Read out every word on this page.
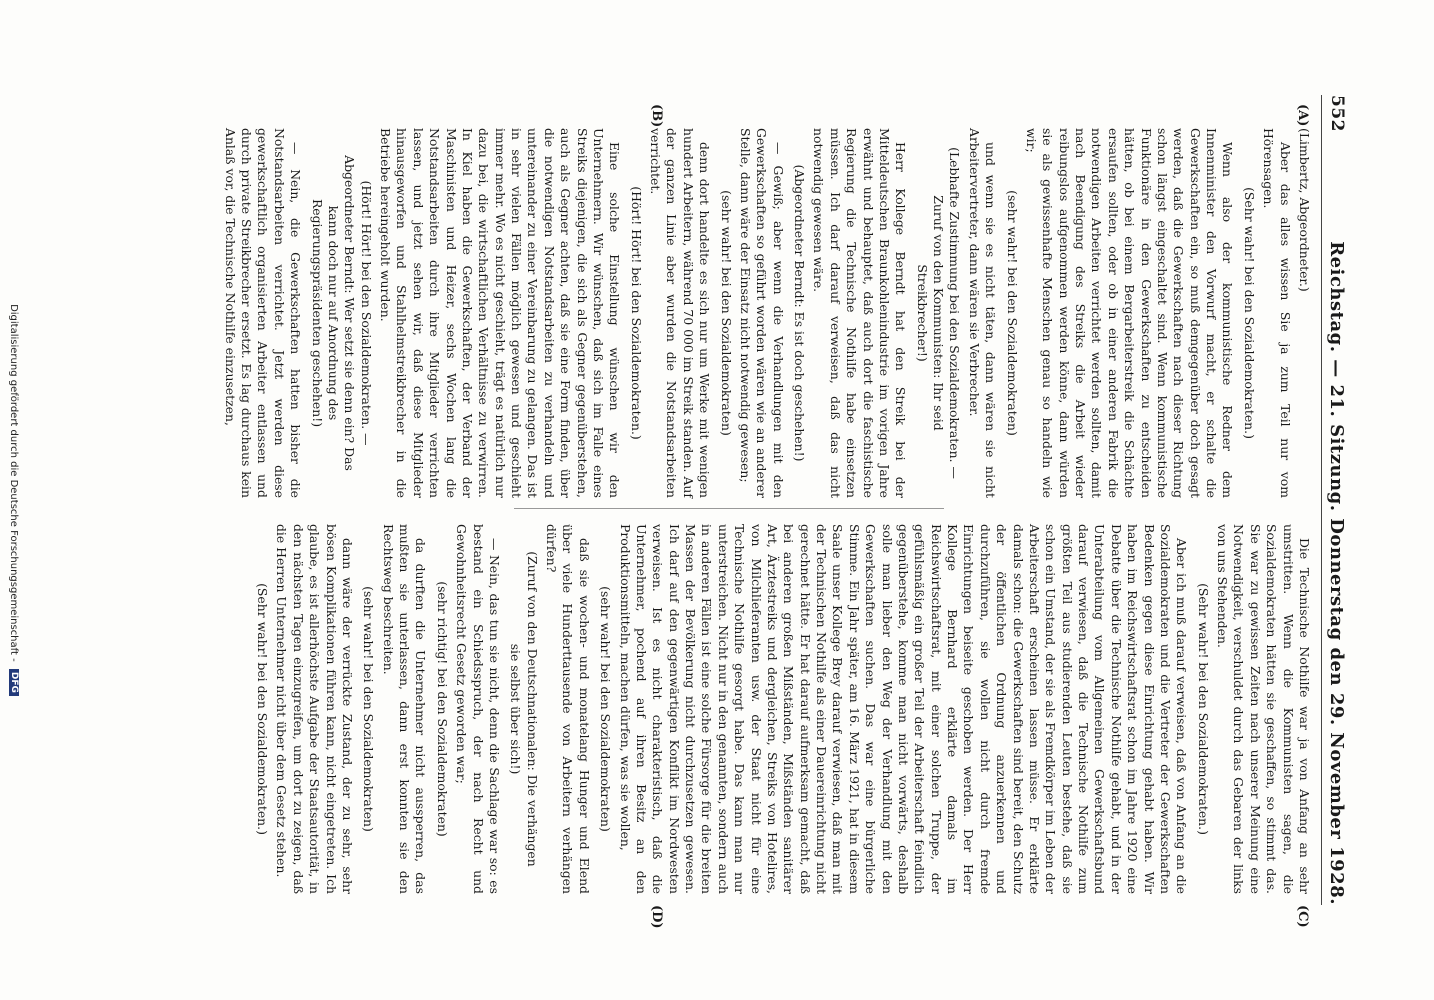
552
Reichstag. — 21. Sitzung. Donnerstag den 29. November 1928.
(A)
(B)
(C)
(D)

(Limbertz, Abgeordneter.)

Aber das alles wissen Sie ja zum Teil nur vom Hörensagen.

(Sehr wahr! bei den Sozialdemokraten.)

Wenn also der kommunistische Redner dem Innenminister den Vorwurf macht, er schalte die Gewerkschaften ein, so muß demgegenüber doch gesagt werden, daß die Gewerkschaften nach dieser Richtung schon längst eingeschaltet sind. Wenn kommunistische Funktionäre in den Gewerkschaften zu entscheiden hätten, ob bei einem Bergarbeiterstreik die Schächte ersaufen sollten, oder ob in einer anderen Fabrik die notwendigen Arbeiten verrichtet werden sollten, damit nach Beendigung des Streiks die Arbeit wieder reibungslos aufgenommen werden könne, dann würden sie als gewissenhafte Menschen genau so handeln wie wir;

(sehr wahr! bei den Sozialdemokraten)

und wenn sie es nicht täten, dann wären sie nicht Arbeitervertreter, dann wären sie Verbrecher.

(Lebhafte Zustimmung bei den Sozialdemokraten. — Zuruf von den Kommunisten: Ihr seid Streikbrecher!)

Herr Kollege Berndt hat den Streik bei der Mitteldeutschen Braunkohlenindustrie im vorigen Jahre erwähnt und behauptet, daß auch dort die faschistische Regierung die Technische Nothilfe habe einsetzen müssen. Ich darf darauf verweisen, daß das nicht notwendig gewesen wäre.

(Abgeordneter Berndt: Es ist doch geschehen!)

— Gewiß; aber wenn die Verhandlungen mit den Gewerkschaften so geführt worden wären wie an anderer Stelle, dann wäre der Einsatz nicht notwendig gewesen;

(sehr wahr! bei den Sozialdemokraten)

denn dort handelte es sich nur um Werke mit wenigen hundert Arbeitern, während 70 000 im Streik standen. Auf der ganzen Linie aber wurden die Notstandsarbeiten verrichtet.

(Hört! Hört! bei den Sozialdemokraten.)

Eine solche Einstellung wünschen wir den Unternehmern. Wir wünschen, daß sich im Falle eines Streiks diejenigen, die sich als Gegner gegenüberstehen, auch als Gegner achten, daß sie eine Form finden, über die notwendigen Notstandsarbeiten zu verhandeln und untereinander zu einer Vereinbarung zu gelangen. Das ist in sehr vielen Fällen möglich gewesen und geschieht immer mehr. Wo es nicht geschieht, trägt es natürlich nur dazu bei, die wirtschaftlichen Verhältnisse zu verwirren. In Kiel haben die Gewerkschaften, der Verband der Maschinisten und Heizer, sechs Wochen lang die Notstandsarbeiten durch ihre Mitglieder verrichten lassen, und jetzt sehen wir, daß diese Mitglieder hinausgeworfen und Stahlhelmstreikbrecher in die Betriebe hereingeholt wurden.

(Hört! Hört! bei den Sozialdemokraten. — Abgeordneter Berndt: Wer setzt sie denn ein? Das kann doch nur auf Anordnung des Regierungspräsidenten geschehen!)

— Nein, die Gewerkschaften hatten bisher die Notstandsarbeiten verrichtet. Jetzt werden diese gewerkschaftlich organisierten Arbeiter entlassen und durch private Streikbrecher ersetzt. Es lag durchaus kein Anlaß vor, die Technische Nothilfe einzusetzen,

Die Technische Nothilfe war ja von Anfang an sehr umstritten. Wenn die Kommunisten sagen, die Sozialdemokraten hätten sie geschaffen, so stimmt das. Sie war zu gewissen Zeiten nach unserer Meinung eine Notwendigkeit, verschuldet durch das Gebaren der links von uns Stehenden.

(Sehr wahr! bei den Sozialdemokraten.)

Aber ich muß darauf verweisen, daß von Anfang an die Sozialdemokraten und die Vertreter der Gewerkschaften Bedenken gegen diese Einrichtung gehabt haben. Wir haben im Reichswirtschaftsrat schon im Jahre 1920 eine Debatte über die Technische Nothilfe gehabt, und in der Unterabteilung vom Allgemeinen Gewerkschaftsbund darauf verwiesen, daß die Technische Nothilfe zum größten Teil aus studierenden Leuten bestehe, daß sie schon ein Umstand, der sie als Fremdkörper im Leben der Arbeiterschaft erscheinen lassen müsse. Er erklärte damals schon: die Gewerkschaften sind bereit, den Schutz der öffentlichen Ordnung anzuerkennen und durchzuführen, sie wollen nicht durch fremde Einrichtungen beiseite geschoben werden. Der Herr Kollege Bernhard erklärte damals im Reichswirtschaftsrat, mit einer solchen Truppe, der gefühlsmäßig ein großer Teil der Arbeiterschaft feindlich gegenüberstehe, komme man nicht vorwärts, deshalb solle man lieber den Weg der Verhandlung mit den Gewerkschaften suchen. Das war eine bürgerliche Stimme. Ein Jahr später, am 16. März 1921, hat in diesem Saale unser Kollege Brey darauf verwiesen, daß man mit der Technischen Nothilfe als einer Dauereinrichtung nicht gerechnet hätte. Er hat darauf aufmerksam gemacht, daß bei anderen großen Mißständen, Mißständen sanitärer Art, Ärztestreiks und dergleichen, Streiks von Hotelires, von Milchlieferanten usw. der Staat nicht für eine Technische Nothilfe gesorgt habe. Das kann man nur unterstreichen. Nicht nur in den genannten, sondern auch in anderen Fällen ist eine solche Fürsorge für die breiten Massen der Bevölkerung nicht durchzusetzen gewesen. Ich darf auf den gegenwärtigen Konflikt im Nordwesten verweisen. Ist es nicht charakteristisch, daß die Unternehmer, pochend auf ihren Besitz an den Produktionsmitteln, machen dürfen, was sie wollen,

(sehr wahr! bei den Sozialdemokraten)

daß sie wochen- und monatelang Hunger und Elend über viele Hunderttausende von Arbeitern verhängen dürfen?

(Zuruf von den Deutschnationalen: Die verhängen sie selbst über sich!)

— Nein, das tun sie nicht, denn die Sachlage war so: es bestand ein Schiedsspruch, der nach Recht und Gewohnheitsrecht Gesetz geworden war;

(sehr richtig! bei den Sozialdemokraten)

da durften die Unternehmer nicht aussperren, das mußten sie unterlassen, dann erst konnten sie den Rechtsweg beschreiten.

(sehr wahr! bei den Sozialdemokraten)

dann wäre der verrückte Zustand, der zu sehr, sehr bösen Komplikationen führen kann, nicht eingetreten. Ich glaube, es ist allerhöchste Aufgabe der Staatsautorität, in den nächsten Tagen einzugreifen, um dort zu zeigen, daß die Herren Unternehmer nicht über dem Gesetz stehen.

(Sehr wahr! bei den Sozialdemokraten.)

Digitalisierung gefördert durch die Deutsche Forschungsgemeinschaft - DFG
